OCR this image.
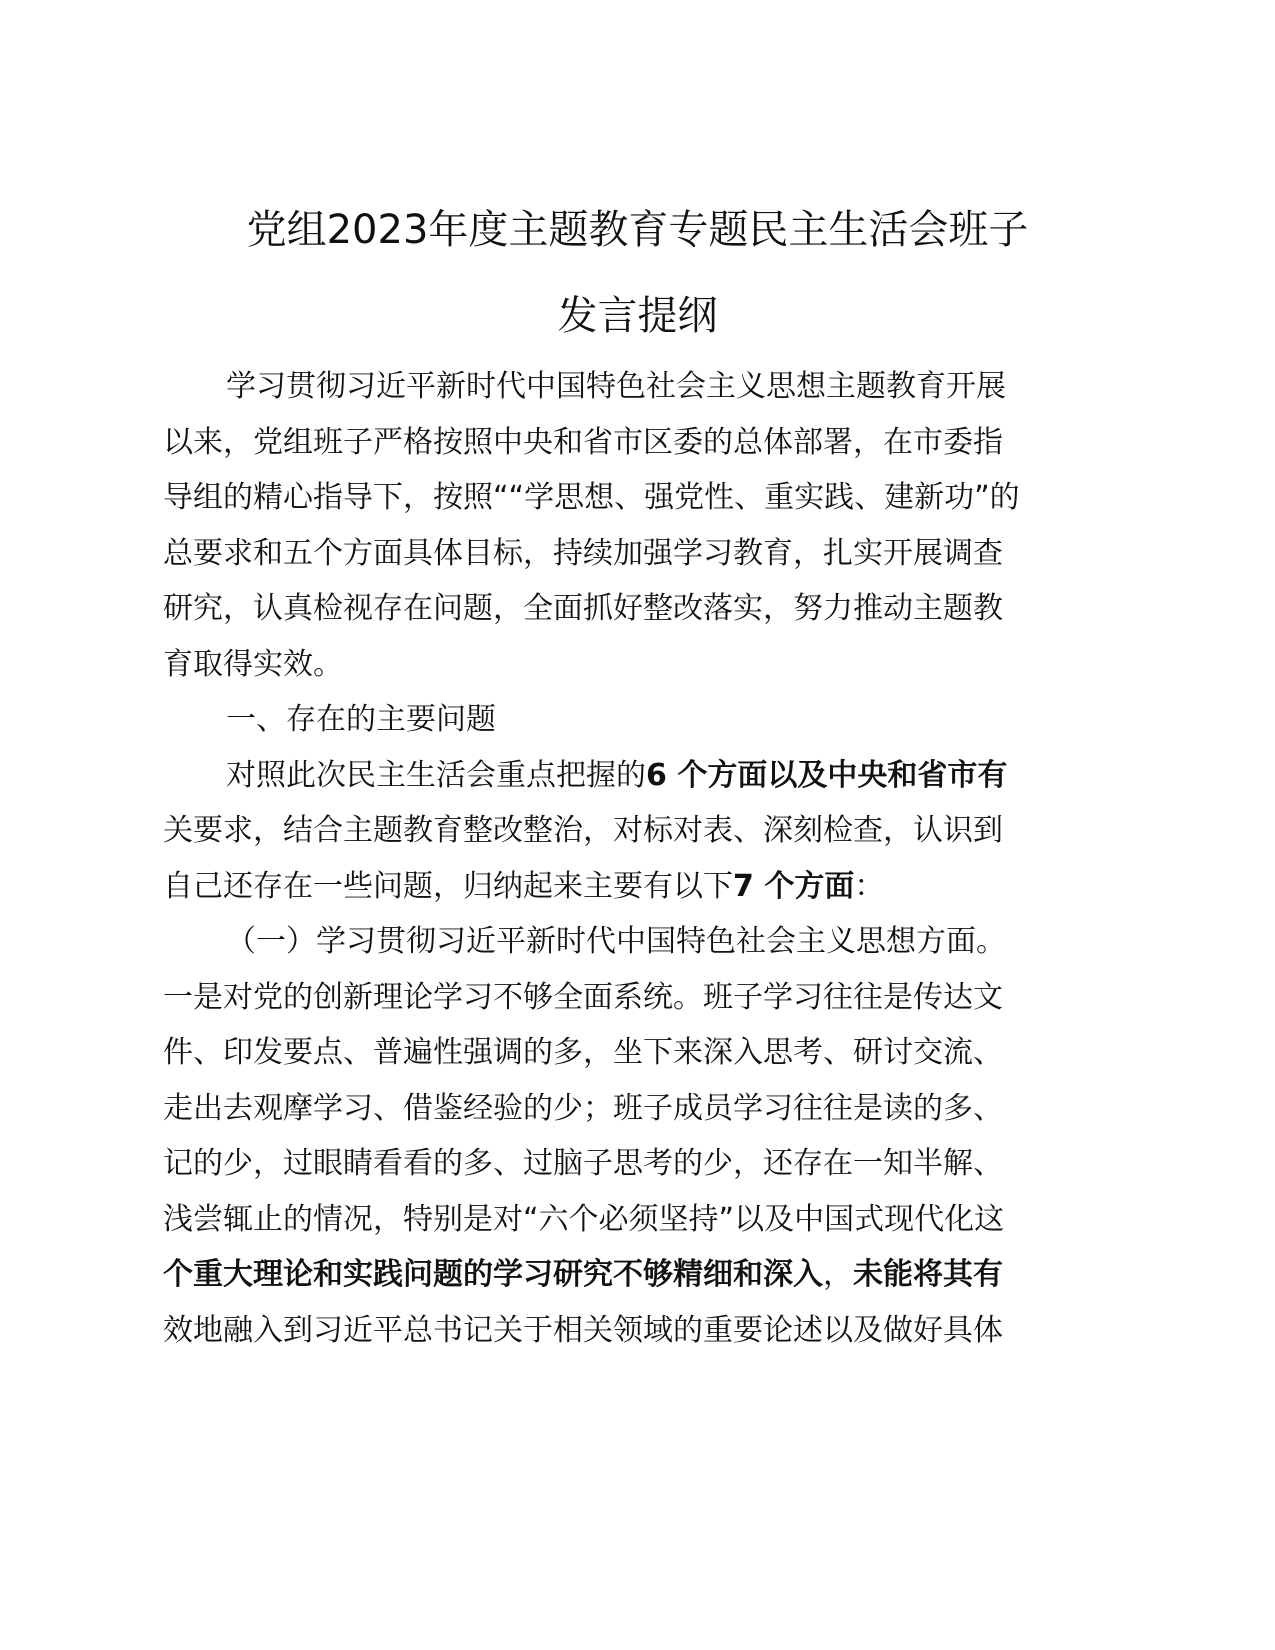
党组2023年度主题教育专题民主生活会班子
发言提纲
学习贯彻习近平新时代中国特色社会主义思想主题教育开展
以来，党组班子严格按照中央和省市区委的总体部署，在市委指
导组的精心指导下，按照““学思想、强党性、重实践、建新功”的
总要求和五个方面具体目标，持续加强学习教育，扎实开展调查
研究，认真检视存在问题，全面抓好整改落实，努力推动主题教
育取得实效。
一、存在的主要问题
对照此次民主生活会重点把握的6 个方面以及中央和省市有
关要求，结合主题教育整改整治，对标对表、深刻检查，认识到
自己还存在一些问题，归纳起来主要有以下7 个方面：
（一）学习贯彻习近平新时代中国特色社会主义思想方面。
一是对党的创新理论学习不够全面系统。班子学习往往是传达文
件、印发要点、普遍性强调的多，坐下来深入思考、研讨交流、
走出去观摩学习、借鉴经验的少；班子成员学习往往是读的多、
记的少，过眼睛看看的多、过脑子思考的少，还存在一知半解、
浅尝辄止的情况，特别是对“六个必须坚持”以及中国式现代化这
个重大理论和实践问题的学习研究不够精细和深入，未能将其有
效地融入到习近平总书记关于相关领域的重要论述以及做好具体
